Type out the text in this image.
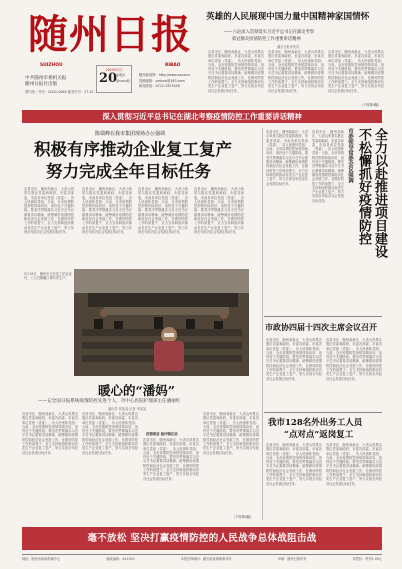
随州日报
SUIZHOU	RIBAO
中共随州市委机关报
随州日报社出版
国内统一刊号：CN42-0069 邮发代号：37-42
2020年2月
20
星期四
第5963期
随州新闻网：http://www.szxw.cn
投稿邮箱：szrbxw@163.com
新闻热线：0722-3323456
英雄的人民展现中国力量中国精神家国情怀
——六论深入贯彻落实习近平总书记在湖北考察
新冠肺炎疫情防控工作重要讲话精神
湖北日报评论员
各县市区、随州高新区、大洪山风景名胜区党委和政府，市委各部委，市直各单位党组（党委），各人民团体党组：当前，全市疫情防控形势持续向好，但仍处于关键阶段。要坚决贯彻落实习近平总书记重要讲话精神，统筹做好疫情防控和经济社会发展工作，在做好防控工作的前提下，全力支持和组织推动各类生产企业复工复产，努力实现全年经济社会发展目标任务。
各县市区、随州高新区、大洪山风景名胜区党委和政府，市委各部委，市直各单位党组（党委），各人民团体党组：当前，全市疫情防控形势持续向好，但仍处于关键阶段。要坚决贯彻落实习近平总书记重要讲话精神，统筹做好疫情防控和经济社会发展工作，在做好防控工作的前提下，全力支持和组织推动各类生产企业复工复产，努力实现全年经济社会发展目标任务。
各县市区、随州高新区、大洪山风景名胜区党委和政府，市委各部委，市直各单位党组（党委），各人民团体党组：当前，全市疫情防控形势持续向好，但仍处于关键阶段。要坚决贯彻落实习近平总书记重要讲话精神，统筹做好疫情防控和经济社会发展工作，在做好防控工作的前提下，全力支持和组织推动各类生产企业复工复产，努力实现全年经济社会发展目标任务。
（下转第4版）
深入贯彻习近平总书记在湖北考察疫情防控工作重要讲话精神
陈瑞峰在我市集团现场办公强调
积极有序推动企业复工复产
努力完成全年目标任务
各县市区、随州高新区、大洪山风景名胜区党委和政府，市委各部委，市直各单位党组（党委），各人民团体党组：当前，全市疫情防控形势持续向好，但仍处于关键阶段。要坚决贯彻落实习近平总书记重要讲话精神，统筹做好疫情防控和经济社会发展工作，在做好防控工作的前提下，全力支持和组织推动各类生产企业复工复产，努力实现全年经济社会发展目标任务。
各县市区、随州高新区、大洪山风景名胜区党委和政府，市委各部委，市直各单位党组（党委），各人民团体党组：当前，全市疫情防控形势持续向好，但仍处于关键阶段。要坚决贯彻落实习近平总书记重要讲话精神，统筹做好疫情防控和经济社会发展工作，在做好防控工作的前提下，全力支持和组织推动各类生产企业复工复产，努力实现全年经济社会发展目标任务。
各县市区、随州高新区、大洪山风景名胜区党委和政府，市委各部委，市直各单位党组（党委），各人民团体党组：当前，全市疫情防控形势持续向好，但仍处于关键阶段。要坚决贯彻落实习近平总书记重要讲话精神，统筹做好疫情防控和经济社会发展工作，在做好防控工作的前提下，全力支持和组织推动各类生产企业复工复产，努力实现全年经济社会发展目标任务。
各县市区、随州高新区、大洪山风景名胜区党委和政府，市委各部委，市直各单位党组（党委），各人民团体党组：当前，全市疫情防控形势持续向好，但仍处于关键阶段。要坚决贯彻落实习近平总书记重要讲话精神，统筹做好疫情防控和经济社会发展工作，在做好防控工作的前提下，全力支持和组织推动各类生产企业复工复产，努力实现全年经济社会发展目标任务。
2月19日，随州市正在复工的企业内，工人们佩戴口罩有序生产。
暖心的“潘妈”
——记全国日报系统疫情防控先进个人、市中心医院护理部主任潘丽红
通讯员 张某某 记者 李某某
各县市区、随州高新区、大洪山风景名胜区党委和政府，市委各部委，市直各单位党组（党委），各人民团体党组：当前，全市疫情防控形势持续向好，但仍处于关键阶段。要坚决贯彻落实习近平总书记重要讲话精神，统筹做好疫情防控和经济社会发展工作，在做好防控工作的前提下，全力支持和组织推动各类生产企业复工复产，努力实现全年经济社会发展目标任务。
各县市区、随州高新区、大洪山风景名胜区党委和政府，市委各部委，市直各单位党组（党委），各人民团体党组：当前，全市疫情防控形势持续向好，但仍处于关键阶段。要坚决贯彻落实习近平总书记重要讲话精神，统筹做好疫情防控和经济社会发展工作，在做好防控工作的前提下，全力支持和组织推动各类生产企业复工复产，努力实现全年经济社会发展目标任务。
疫情面前 她冲锋在前
各县市区、随州高新区、大洪山风景名胜区党委和政府，市委各部委，市直各单位党组（党委），各人民团体党组：当前，全市疫情防控形势持续向好，但仍处于关键阶段。要坚决贯彻落实习近平总书记重要讲话精神，统筹做好疫情防控和经济社会发展工作，在做好防控工作的前提下，全力支持和组织推动各类生产企业复工复产，努力实现全年经济社会发展目标任务。
各县市区、随州高新区、大洪山风景名胜区党委和政府，市委各部委，市直各单位党组（党委），各人民团体党组：当前，全市疫情防控形势持续向好，但仍处于关键阶段。要坚决贯彻落实习近平总书记重要讲话精神，统筹做好疫情防控和经济社会发展工作，在做好防控工作的前提下，全力支持和组织推动各类生产企业复工复产，努力实现全年经济社会发展目标任务。
（下转第4版）
各县市区、随州高新区、大洪山风景名胜区党委和政府，市委各部委，市直各单位党组（党委），各人民团体党组：当前，全市疫情防控形势持续向好，但仍处于关键阶段。要坚决贯彻落实习近平总书记重要讲话精神，统筹做好疫情防控和经济社会发展工作，在做好防控工作的前提下，全力支持和组织推动各类生产企业复工复产，努力实现全年经济社会发展目标任务。
各县市区、随州高新区、大洪山风景名胜区党委和政府，市委各部委，市直各单位党组（党委），各人民团体党组：当前，全市疫情防控形势持续向好，但仍处于关键阶段。要坚决贯彻落实习近平总书记重要讲话精神，统筹做好疫情防控和经济社会发展工作，在做好防控工作的前提下，全力支持和组织推动各类生产企业复工复产，努力实现全年经济社会发展目标任务。
市委领导常委会议强调 不松懈抓好疫情防控 全力以赴推进项目建设
市政协四届十四次主席会议召开
各县市区、随州高新区、大洪山风景名胜区党委和政府，市委各部委，市直各单位党组（党委），各人民团体党组：当前，全市疫情防控形势持续向好，但仍处于关键阶段。要坚决贯彻落实习近平总书记重要讲话精神，统筹做好疫情防控和经济社会发展工作，在做好防控工作的前提下，全力支持和组织推动各类生产企业复工复产，努力实现全年经济社会发展目标任务。
各县市区、随州高新区、大洪山风景名胜区党委和政府，市委各部委，市直各单位党组（党委），各人民团体党组：当前，全市疫情防控形势持续向好，但仍处于关键阶段。要坚决贯彻落实习近平总书记重要讲话精神，统筹做好疫情防控和经济社会发展工作，在做好防控工作的前提下，全力支持和组织推动各类生产企业复工复产，努力实现全年经济社会发展目标任务。
我市128名外出务工人员
“点对点”返岗复工
各县市区、随州高新区、大洪山风景名胜区党委和政府，市委各部委，市直各单位党组（党委），各人民团体党组：当前，全市疫情防控形势持续向好，但仍处于关键阶段。要坚决贯彻落实习近平总书记重要讲话精神，统筹做好疫情防控和经济社会发展工作，在做好防控工作的前提下，全力支持和组织推动各类生产企业复工复产，努力实现全年经济社会发展目标任务。
各县市区、随州高新区、大洪山风景名胜区党委和政府，市委各部委，市直各单位党组（党委），各人民团体党组：当前，全市疫情防控形势持续向好，但仍处于关键阶段。要坚决贯彻落实习近平总书记重要讲话精神，统筹做好疫情防控和经济社会发展工作，在做好防控工作的前提下，全力支持和组织推动各类生产企业复工复产，努力实现全年经济社会发展目标任务。
毫不放松 坚决打赢疫情防控的人民战争总体战阻击战
地址：随州市新闻传媒中心	邮政编码：441300	本报法律顾问：湖北某某律师事务所	印刷：随州日报印务	零售价：每份1.00元
